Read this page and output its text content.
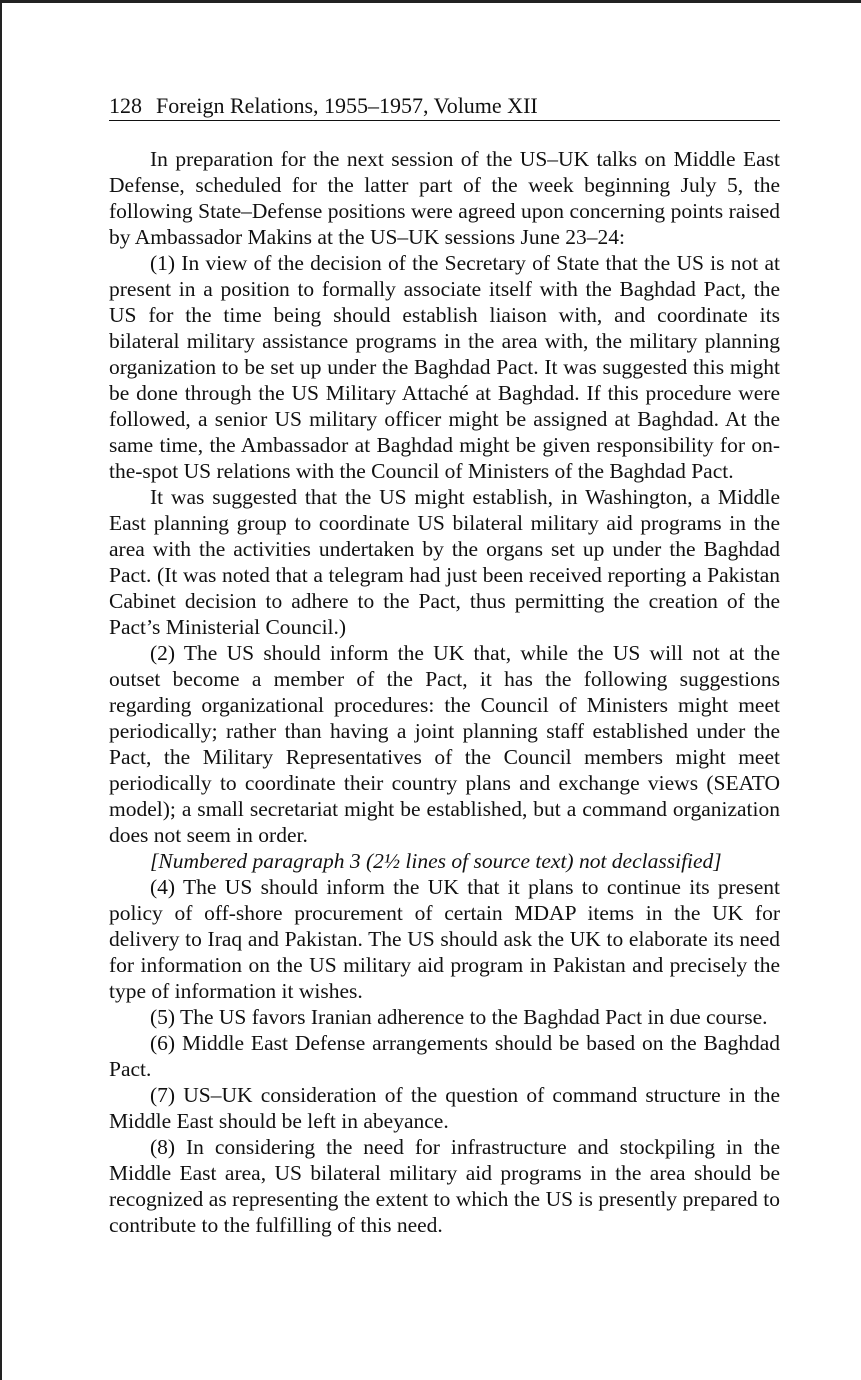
128 Foreign Relations, 1955–1957, Volume XII

In preparation for the next session of the US–UK talks on Middle East Defense, scheduled for the latter part of the week beginning July 5, the following State–Defense positions were agreed upon concerning points raised by Ambassador Makins at the US–UK sessions June 23–24:

(1) In view of the decision of the Secretary of State that the US is not at present in a position to formally associate itself with the Baghdad Pact, the US for the time being should establish liaison with, and coordinate its bilateral military assistance programs in the area with, the military planning organization to be set up under the Baghdad Pact. It was suggested this might be done through the US Military Attaché at Baghdad. If this procedure were followed, a senior US military officer might be assigned at Baghdad. At the same time, the Ambassador at Baghdad might be given responsibility for on-the-spot US relations with the Council of Ministers of the Baghdad Pact.

It was suggested that the US might establish, in Washington, a Middle East planning group to coordinate US bilateral military aid programs in the area with the activities undertaken by the organs set up under the Baghdad Pact. (It was noted that a telegram had just been received reporting a Pakistan Cabinet decision to adhere to the Pact, thus permitting the creation of the Pact’s Ministerial Council.)

(2) The US should inform the UK that, while the US will not at the outset become a member of the Pact, it has the following suggestions regarding organizational procedures: the Council of Ministers might meet periodically; rather than having a joint planning staff established under the Pact, the Military Representatives of the Council members might meet periodically to coordinate their country plans and exchange views (SEATO model); a small secretariat might be established, but a command organization does not seem in order.

[Numbered paragraph 3 (2½ lines of source text) not declassified]

(4) The US should inform the UK that it plans to continue its present policy of off-shore procurement of certain MDAP items in the UK for delivery to Iraq and Pakistan. The US should ask the UK to elaborate its need for information on the US military aid program in Pakistan and precisely the type of information it wishes.

(5) The US favors Iranian adherence to the Baghdad Pact in due course.

(6) Middle East Defense arrangements should be based on the Baghdad Pact.

(7) US–UK consideration of the question of command structure in the Middle East should be left in abeyance.

(8) In considering the need for infrastructure and stockpiling in the Middle East area, US bilateral military aid programs in the area should be recognized as representing the extent to which the US is presently prepared to contribute to the fulfilling of this need.
